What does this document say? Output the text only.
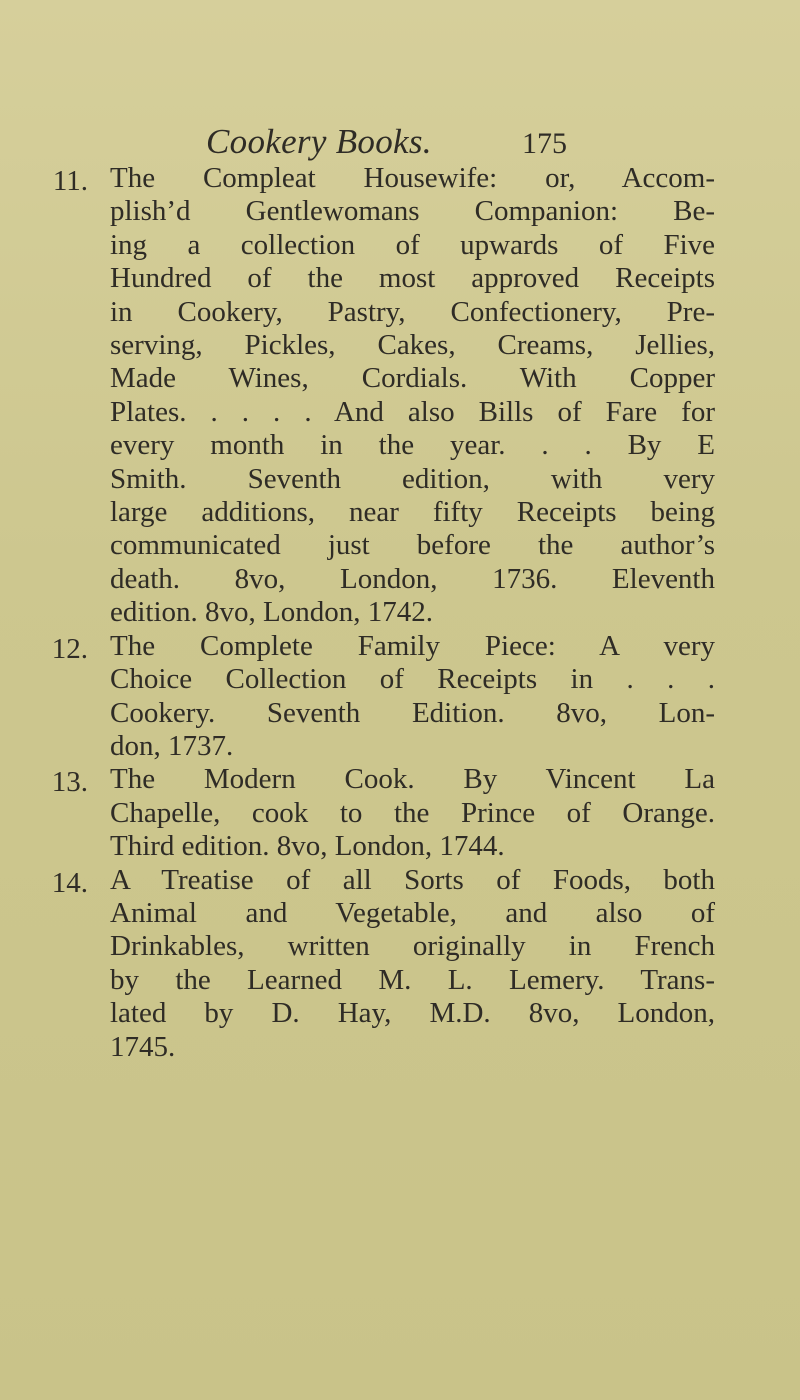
Cookery Books.	175
11. The Compleat Housewife: or, Accom-
plish’d Gentlewomans Companion: Be-
ing a collection of upwards of Five
Hundred of the most approved Receipts
in Cookery, Pastry, Confectionery, Pre-
serving, Pickles, Cakes, Creams, Jellies,
Made Wines, Cordials. With Copper
Plates. . . . . And also Bills of Fare for
every month in the year. . . By E
Smith. Seventh edition, with very
large additions, near fifty Receipts being
communicated just before the author’s
death. 8vo, London, 1736. Eleventh
edition. 8vo, London, 1742.
12. The Complete Family Piece: A very
Choice Collection of Receipts in . . .
Cookery. Seventh Edition. 8vo, Lon-
don, 1737.
13. The Modern Cook. By Vincent La
Chapelle, cook to the Prince of Orange.
Third edition. 8vo, London, 1744.
14. A Treatise of all Sorts of Foods, both
Animal and Vegetable, and also of
Drinkables, written originally in French
by the Learned M. L. Lemery. Trans-
lated by D. Hay, M.D. 8vo, London,
1745.
